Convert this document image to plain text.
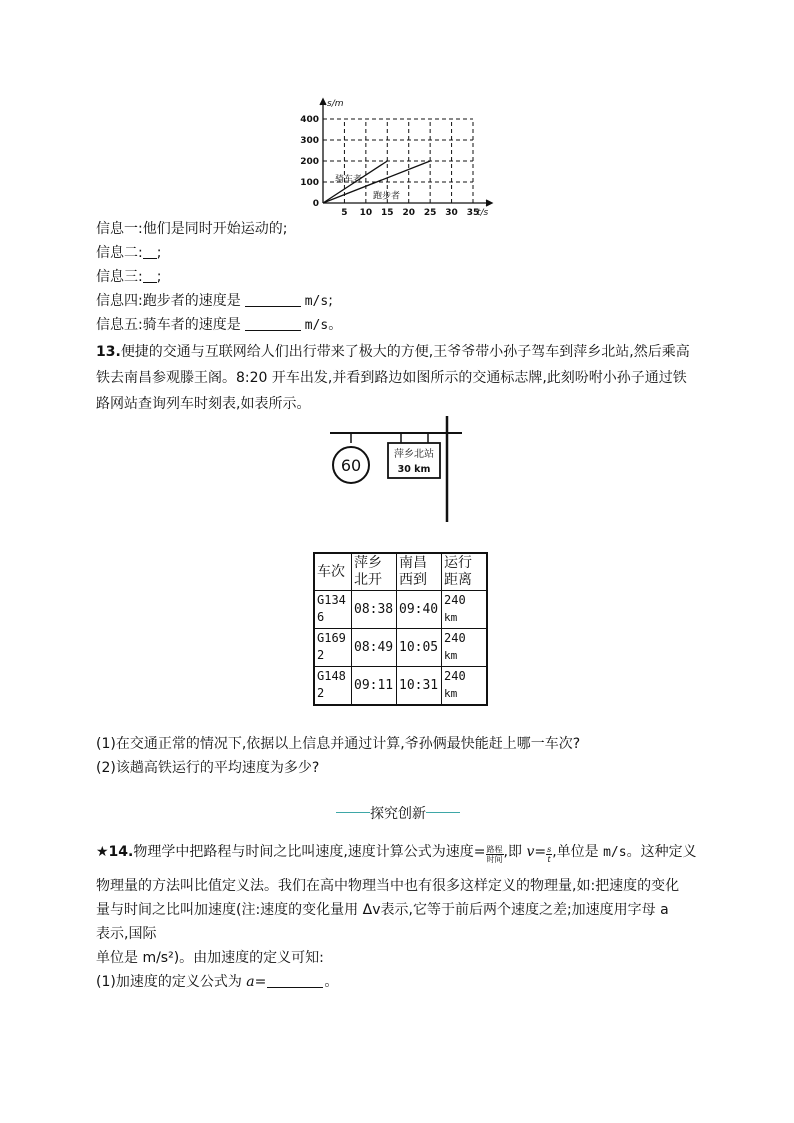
0
100
200
300
400
5 10 15 20 25 30 35
s/m
t/s
骑车者
跑步者
信息一:他们是同时开始运动的;
信息二: ;
信息三: ;
信息四:跑步者的速度是	m/s;
信息五:骑车者的速度是	m/s。
13.便捷的交通与互联网给人们出行带来了极大的方便,王爷爷带小孙子驾车到萍乡北站,然后乘高铁去南昌参观滕王阁。8:20 开车出发,并看到路边如图所示的交通标志牌,此刻吩咐小孙子通过铁路网站查询列车时刻表,如表所示。
60
萍乡北站
30 km
车次	萍乡北开	南昌西到	运行距离

G134
6	08:38	09:40	240
km

G169
2	08:49	10:05	240
km

G148
2	09:11	10:31	240
km
(1)在交通正常的情况下,依据以上信息并通过计算,爷孙俩最快能赶上哪一车次?
(2)该趟高铁运行的平均速度为多少?
探究创新
★14.物理学中把路程与时间之比叫速度,速度计算公式为速度= $\frac{\text{路程}}{\text{时间}}$ ,即 $v= \frac{s}{t}$ ,单位是 m/s。这种定义
物理量的方法叫比值定义法。我们在高中物理当中也有很多这样定义的物理量,如:把速度的变化
量与时间之比叫加速度(注:速度的变化量用 Δv表示,它等于前后两个速度之差;加速度用字母 a
表示,国际
单位是 m/s²)。由加速度的定义可知:
(1)加速度的定义公式为 a=	。
